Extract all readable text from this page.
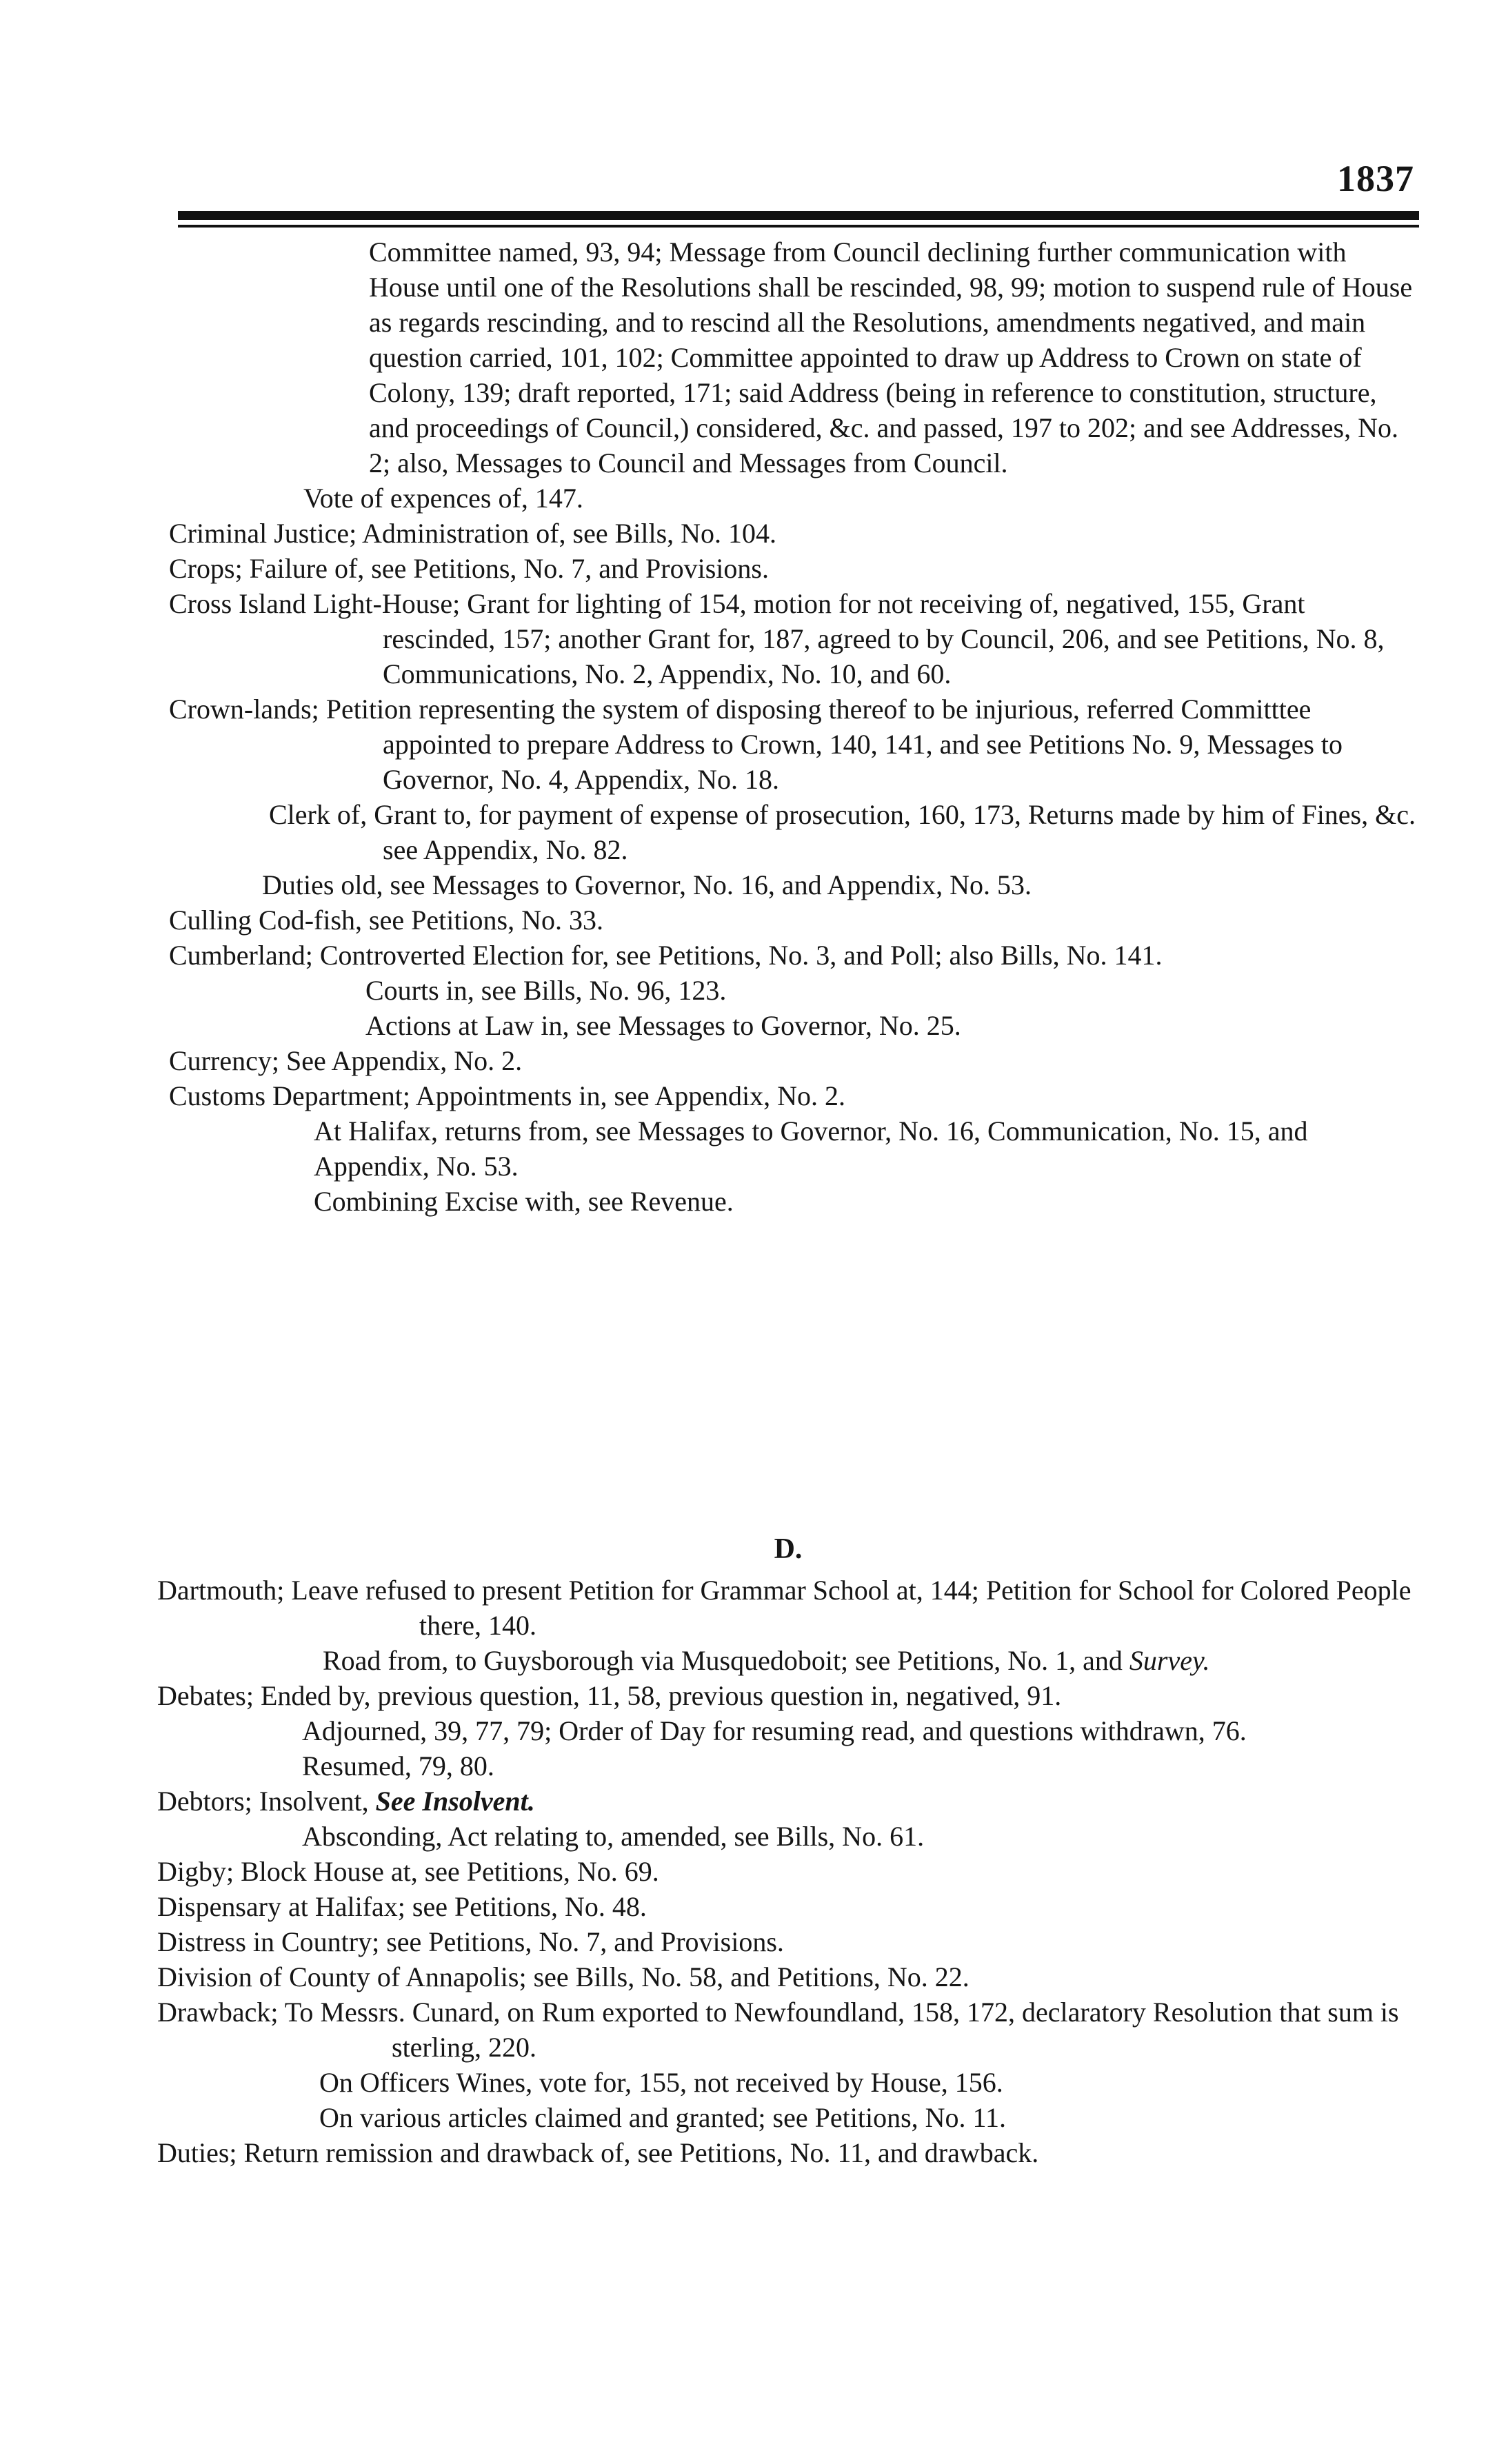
1837

Committee named, 93, 94; Message from Council declining further communication with House until one of the Resolutions shall be rescinded, 98, 99; motion to suspend rule of House as regards rescinding, and to rescind all the Resolutions, amendments negatived, and main question carried, 101, 102; Committee appointed to draw up Address to Crown on state of Colony, 139; draft reported, 171; said Address (being in reference to constitution, structure, and proceedings of Council,) considered, &c. and passed, 197 to 202; and see Addresses, No. 2; also, Messages to Council and Messages from Council.

Vote of expences of, 147.

Criminal Justice; Administration of, see Bills, No. 104.

Crops; Failure of, see Petitions, No. 7, and Provisions.

Cross Island Light-House; Grant for lighting of 154, motion for not receiving of, negatived, 155, Grant rescinded, 157; another Grant for, 187, agreed to by Council, 206, and see Petitions, No. 8, Communications, No. 2, Appendix, No. 10, and 60.

Crown-lands; Petition representing the system of disposing thereof to be injurious, referred Committtee appointed to prepare Address to Crown, 140, 141, and see Petitions No. 9, Messages to Governor, No. 4, Appendix, No. 18.

Clerk of, Grant to, for payment of expense of prosecution, 160, 173, Returns made by him of Fines, &c. see Appendix, No. 82.

Duties old, see Messages to Governor, No. 16, and Appendix, No. 53.

Culling Cod-fish, see Petitions, No. 33.

Cumberland; Controverted Election for, see Petitions, No. 3, and Poll; also Bills, No. 141.

Courts in, see Bills, No. 96, 123.

Actions at Law in, see Messages to Governor, No. 25.

Currency; See Appendix, No. 2.

Customs Department; Appointments in, see Appendix, No. 2.

At Halifax, returns from, see Messages to Governor, No. 16, Communication, No. 15, and Appendix, No. 53.

Combining Excise with, see Revenue.

D.

Dartmouth; Leave refused to present Petition for Grammar School at, 144; Petition for School for Colored People there, 140.

Road from, to Guysborough via Musquedoboit; see Petitions, No. 1, and Survey.

Debates; Ended by, previous question, 11, 58, previous question in, negatived, 91.

Adjourned, 39, 77, 79; Order of Day for resuming read, and questions withdrawn, 76.

Resumed, 79, 80.

Debtors; Insolvent, See Insolvent.

Absconding, Act relating to, amended, see Bills, No. 61.

Digby; Block House at, see Petitions, No. 69.

Dispensary at Halifax; see Petitions, No. 48.

Distress in Country; see Petitions, No. 7, and Provisions.

Division of County of Annapolis; see Bills, No. 58, and Petitions, No. 22.

Drawback; To Messrs. Cunard, on Rum exported to Newfoundland, 158, 172, declaratory Resolution that sum is sterling, 220.

On Officers Wines, vote for, 155, not received by House, 156.

On various articles claimed and granted; see Petitions, No. 11.

Duties; Return remission and drawback of, see Petitions, No. 11, and drawback.
